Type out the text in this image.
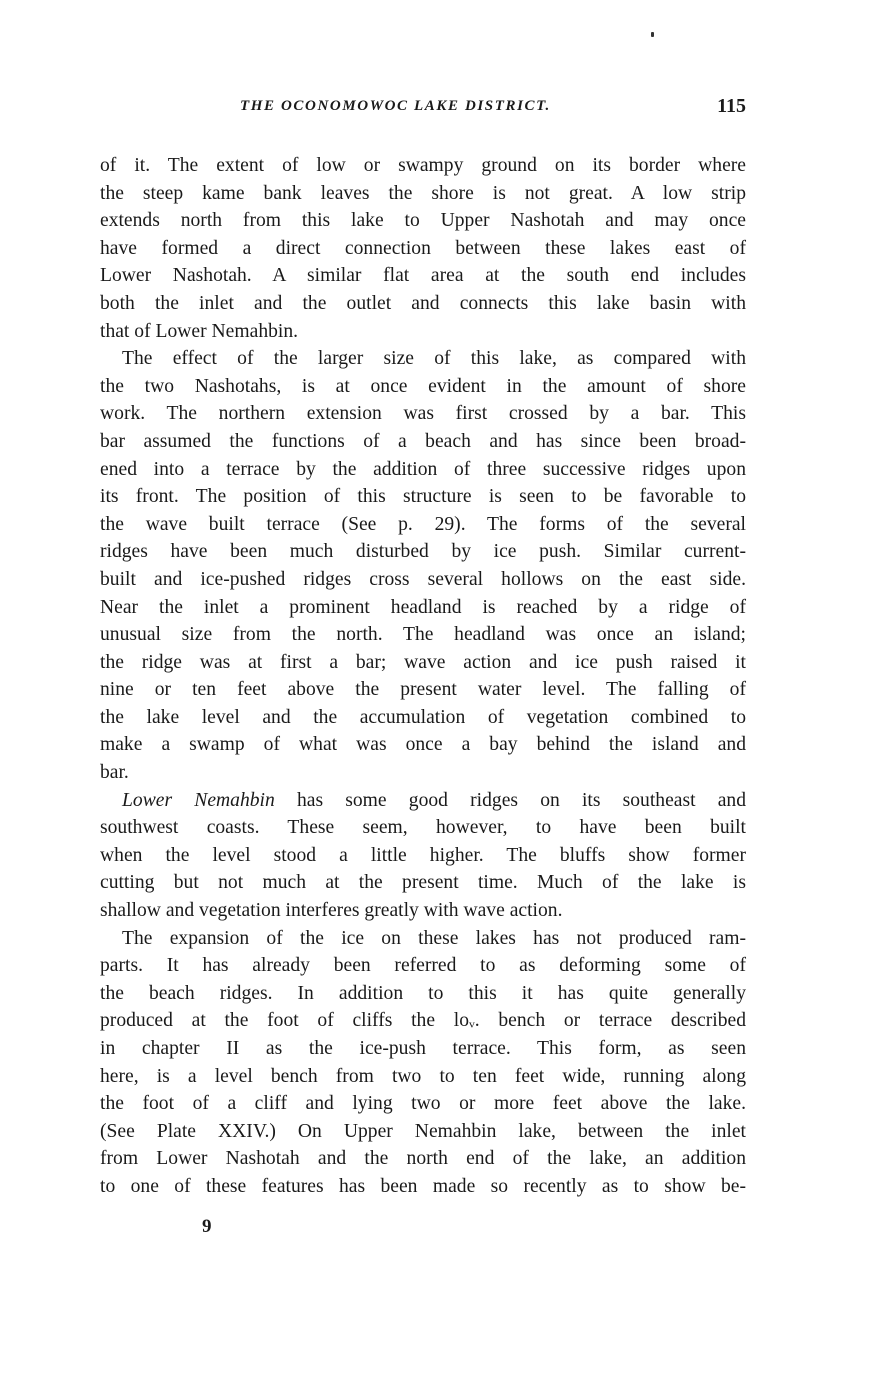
THE OCONOMOWOC LAKE DISTRICT.	115

of it. The extent of low or swampy ground on its border where
the steep kame bank leaves the shore is not great. A low strip
extends north from this lake to Upper Nashotah and may once
have formed a direct connection between these lakes east of
Lower Nashotah. A similar flat area at the south end includes
both the inlet and the outlet and connects this lake basin with
that of Lower Nemahbin.

The effect of the larger size of this lake, as compared with
the two Nashotahs, is at once evident in the amount of shore
work. The northern extension was first crossed by a bar. This
bar assumed the functions of a beach and has since been broad-
ened into a terrace by the addition of three successive ridges upon
its front. The position of this structure is seen to be favorable to
the wave built terrace (See p. 29). The forms of the several
ridges have been much disturbed by ice push. Similar current-
built and ice-pushed ridges cross several hollows on the east side.
Near the inlet a prominent headland is reached by a ridge of
unusual size from the north. The headland was once an island;
the ridge was at first a bar; wave action and ice push raised it
nine or ten feet above the present water level. The falling of
the lake level and the accumulation of vegetation combined to
make a swamp of what was once a bay behind the island and
bar.

Lower Nemahbin has some good ridges on its southeast and
southwest coasts. These seem, however, to have been built
when the level stood a little higher. The bluffs show former
cutting but not much at the present time. Much of the lake is
shallow and vegetation interferes greatly with wave action.

The expansion of the ice on these lakes has not produced ram-
parts. It has already been referred to as deforming some of
the beach ridges. In addition to this it has quite generally
produced at the foot of cliffs the loᵥ. bench or terrace described
in chapter II as the ice-push terrace. This form, as seen
here, is a level bench from two to ten feet wide, running along
the foot of a cliff and lying two or more feet above the lake.
(See Plate XXIV.) On Upper Nemahbin lake, between the inlet
from Lower Nashotah and the north end of the lake, an addition
to one of these features has been made so recently as to show be-

9
